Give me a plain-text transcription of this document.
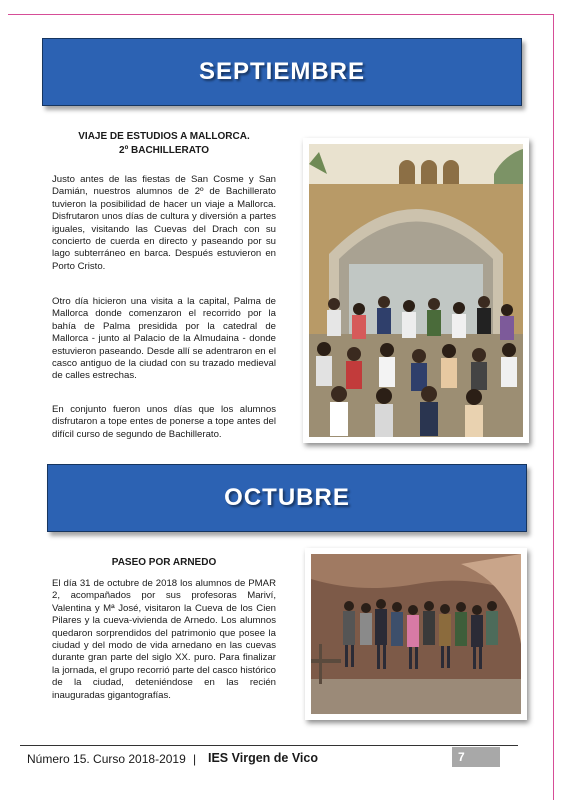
SEPTIEMBRE
VIAJE DE ESTUDIOS A MALLORCA.
2º BACHILLERATO

Justo antes de las fiestas de San Cosme y San Damián, nuestros alumnos de 2º de Bachillerato tuvieron la posibilidad de hacer un viaje a Mallorca. Disfrutaron unos días de cultura y diversión a partes iguales, visitando las Cuevas del Drach con su concierto de cuerda en directo y paseando por su lago subterráneo en barca. Después estuvieron en Porto Cristo.

Otro día hicieron una visita a la capital, Palma de Mallorca donde comenzaron el recorrido por la bahía de Palma presidida por la catedral de Mallorca - junto al Palacio de la Almudaina - donde estuvieron paseando. Desde allí se adentraron en el casco antiguo de la ciudad con su trazado medieval de calles estrechas.

En conjunto fueron unos días que los alumnos disfrutaron a tope entes de ponerse a tope antes del difícil curso de segundo de Bachillerato.

OCTUBRE
PASEO POR ARNEDO

El día 31 de octubre de 2018 los alumnos de PMAR 2, acompañados por sus profesoras Mariví, Valentina y Mª José, visitaron la Cueva de los Cien Pilares y la cueva-vivienda de Arnedo. Los alumnos quedaron sorprendidos del patrimonio que posee la ciudad y del modo de vida arnedano en las cuevas durante gran parte del siglo XX. puro. Para finalizar la jornada, el grupo recorrió parte del casco histórico de la ciudad, deteniéndose en las recién inauguradas gigantografías.

Número 15. Curso 2018-2019 | IES Virgen de Vico	7
